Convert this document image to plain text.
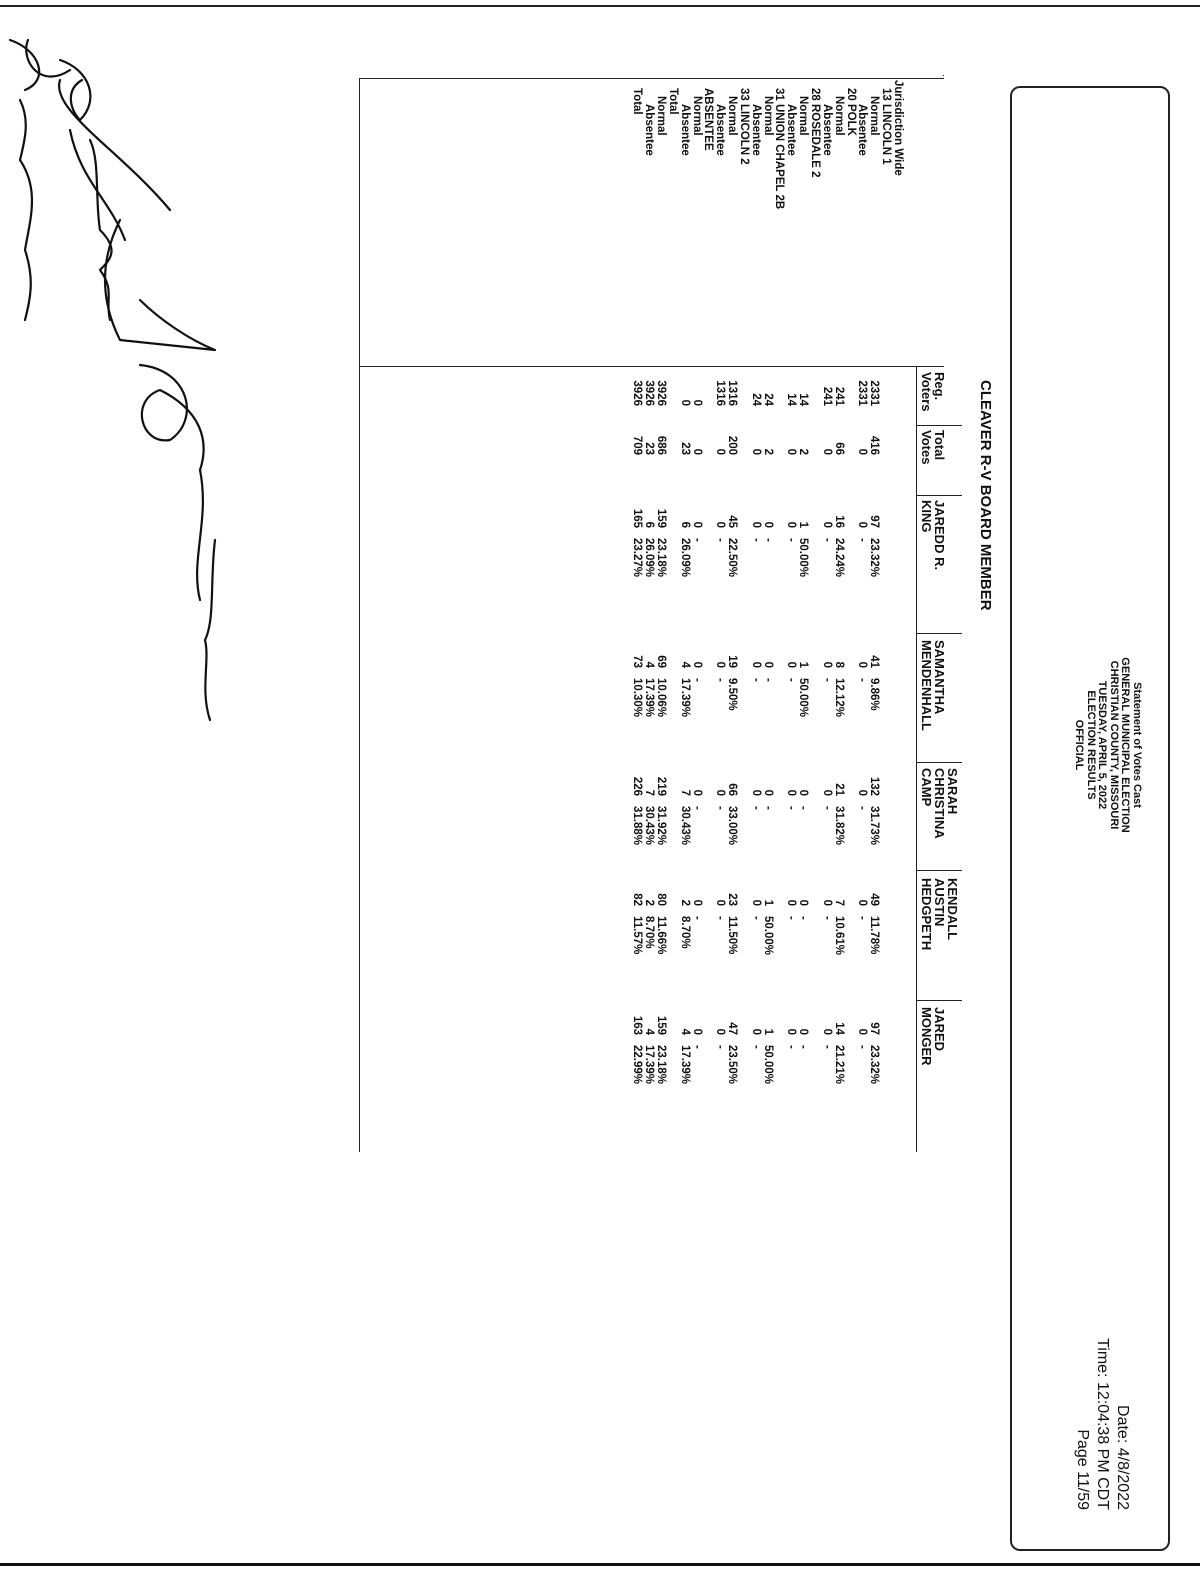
Statement of Votes Cast
GENERAL MUNICIPAL ELECTION
CHRISTIAN COUNTY, MISSOURI
TUESDAY, APRIL 5, 2022
ELECTION RESULTS
OFFICIAL
Date: 4/8/2022
Time: 12:04:38 PM CDT
Page 11/59
CLEAVER R-V BOARD MEMBER
Reg.
Voters
Total
Votes
JAREDD R.
KING
SAMANTHA
MENDENHALL
SARAH
CHRISTINA
CAMP
KENDALL
AUSTIN
HEDGPETH
JARED
MONGER
Jurisdiction Wide
13 LINCOLN 1
Normal
2331
416
97
23.32%
41
9.86%
132
31.73%
49
11.78%
97
23.32%
Absentee
2331
0
0
-
0
-
0
-
0
-
0
-
20 POLK
Normal
241
66
16
24.24%
8
12.12%
21
31.82%
7
10.61%
14
21.21%
Absentee
241
0
0
-
0
-
0
-
0
-
0
-
28 ROSEDALE 2
Normal
14
2
1
50.00%
1
50.00%
0
-
0
-
0
-
Absentee
14
0
0
-
0
-
0
-
0
-
0
-
31 UNION CHAPEL 2B
Normal
24
2
0
-
0
-
0
-
1
50.00%
1
50.00%
Absentee
24
0
0
-
0
-
0
-
0
-
0
-
33 LINCOLN 2
Normal
1316
200
45
22.50%
19
9.50%
66
33.00%
23
11.50%
47
23.50%
Absentee
1316
0
0
-
0
-
0
-
0
-
0
-
ABSENTEE
Normal
0
0
0
-
0
-
0
-
0
-
0
-
Absentee
0
23
6
26.09%
4
17.39%
7
30.43%
2
8.70%
4
17.39%
Total
Normal
3926
686
159
23.18%
69
10.06%
219
31.92%
80
11.66%
159
23.18%
Absentee
3926
23
6
26.09%
4
17.39%
7
30.43%
2
8.70%
4
17.39%
Total
3926
709
165
23.27%
73
10.30%
226
31.88%
82
11.57%
163
22.99%
